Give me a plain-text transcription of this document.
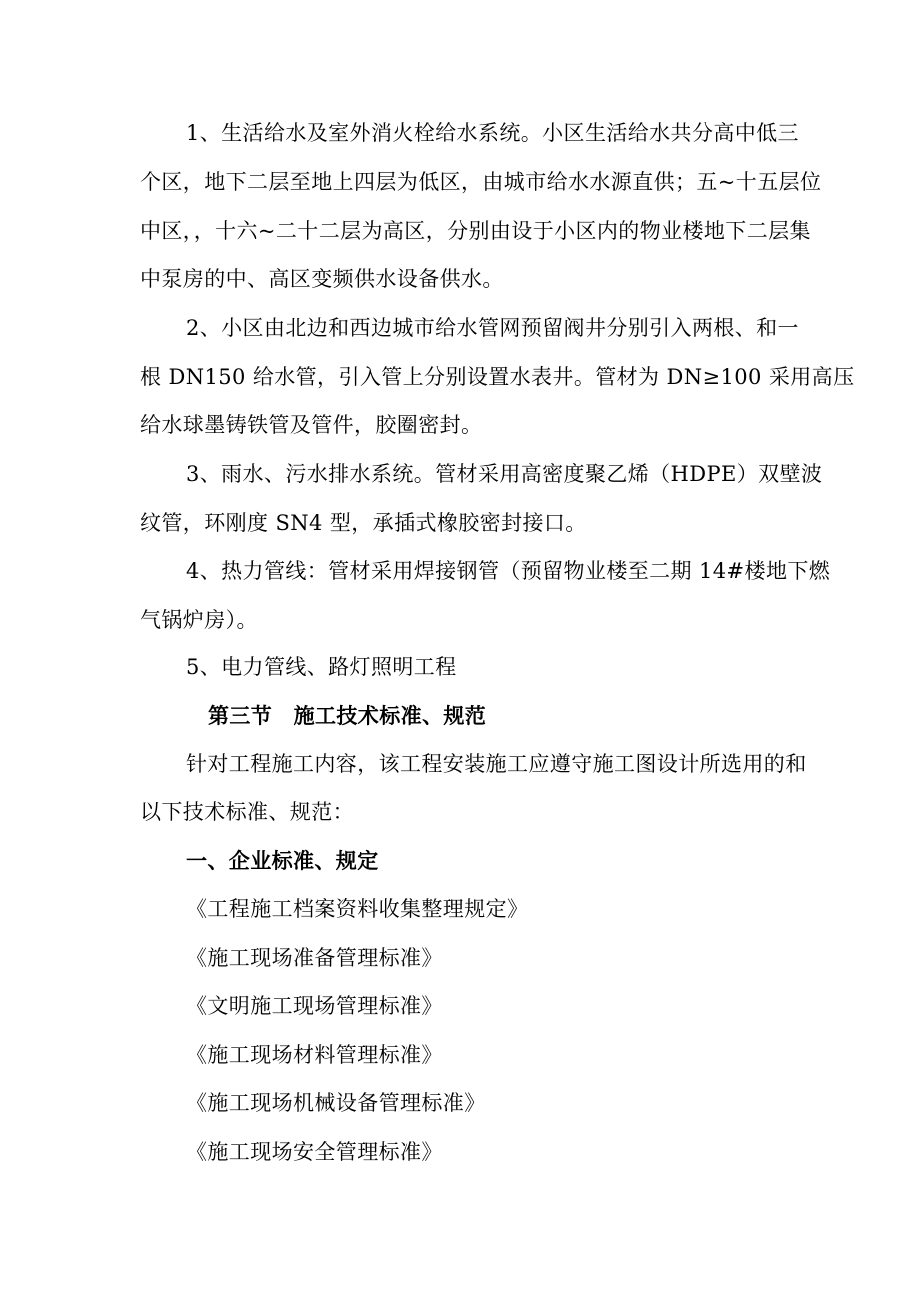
1、生活给水及室外消火栓给水系统。小区生活给水共分高中低三
个区，地下二层至地上四层为低区，由城市给水水源直供；五~十五层位
中区，，十六~二十二层为高区，分别由设于小区内的物业楼地下二层集
中泵房的中、高区变频供水设备供水。
2、小区由北边和西边城市给水管网预留阀井分别引入两根、和一
根 DN150 给水管，引入管上分别设置水表井。管材为 DN≥100 采用高压
给水球墨铸铁管及管件，胶圈密封。
3、雨水、污水排水系统。管材采用高密度聚乙烯（HDPE）双壁波
纹管，环刚度 SN4 型，承插式橡胶密封接口。
4、热力管线：管材采用焊接钢管（预留物业楼至二期 14#楼地下燃
气锅炉房）。
5、电力管线、路灯照明工程
第三节　施工技术标准、规范
针对工程施工内容，该工程安装施工应遵守施工图设计所选用的和
以下技术标准、规范：
一、企业标准、规定
《工程施工档案资料收集整理规定》
《施工现场准备管理标准》
《文明施工现场管理标准》
《施工现场材料管理标准》
《施工现场机械设备管理标准》
《施工现场安全管理标准》
